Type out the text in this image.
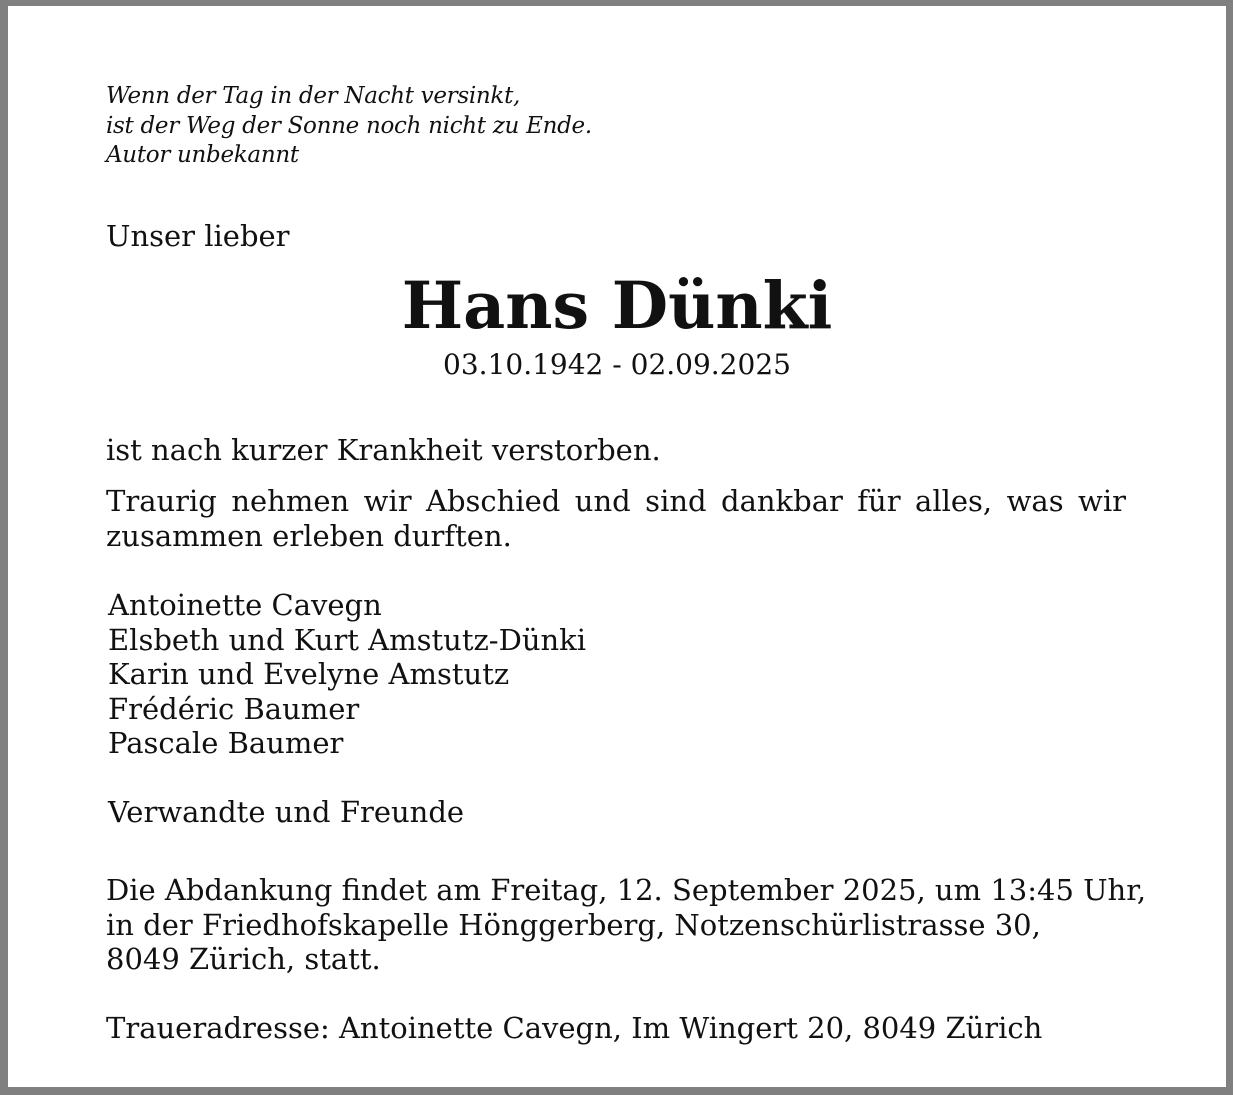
Wenn der Tag in der Nacht versinkt,
ist der Weg der Sonne noch nicht zu Ende.
Autor unbekannt
Unser lieber
Hans Dünki
03.10.1942 - 02.09.2025
ist nach kurzer Krankheit verstorben.
Traurig nehmen wir Abschied und sind dankbar für alles, was wir zusammen erleben durften.
Antoinette Cavegn
Elsbeth und Kurt Amstutz-Dünki
Karin und Evelyne Amstutz
Frédéric Baumer
Pascale Baumer
Verwandte und Freunde
Die Abdankung findet am Freitag, 12. September 2025, um 13:45 Uhr,
in der Friedhofskapelle Hönggerberg, Notzenschürlistrasse 30,
8049 Zürich, statt.
Traueradresse: Antoinette Cavegn, Im Wingert 20, 8049 Zürich
